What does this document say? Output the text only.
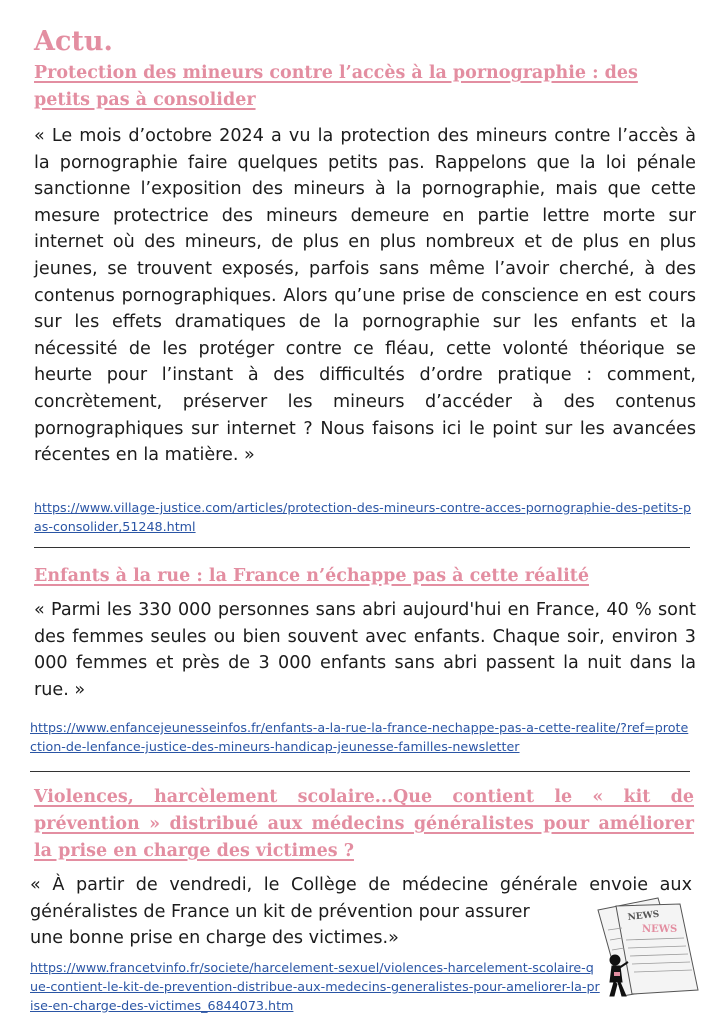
Actu.
Protection des mineurs contre l’accès à la pornographie : des petits pas à consolider

« Le mois d’octobre 2024 a vu la protection des mineurs contre l’accès à la pornographie faire quelques petits pas. Rappelons que la loi pénale sanctionne l’exposition des mineurs à la pornographie, mais que cette mesure protectrice des mineurs demeure en partie lettre morte sur internet où des mineurs, de plus en plus nombreux et de plus en plus jeunes, se trouvent exposés, parfois sans même l’avoir cherché, à des contenus pornographiques. Alors qu’une prise de conscience en est cours sur les effets dramatiques de la pornographie sur les enfants et la nécessité de les protéger contre ce fléau, cette volonté théorique se heurte pour l’instant à des difficultés d’ordre pratique : comment, concrètement, préserver les mineurs d’accéder à des contenus pornographiques sur internet ? Nous faisons ici le point sur les avancées récentes en la matière. »

https://www.village-justice.com/articles/protection-des-mineurs-contre-acces-pornographie-des-petits-pas-consolider,51248.html
Enfants à la rue : la France n’échappe pas à cette réalité

« Parmi les 330 000 personnes sans abri aujourd'hui en France, 40 % sont des femmes seules ou bien souvent avec enfants. Chaque soir, environ 3 000 femmes et près de 3 000 enfants sans abri passent la nuit dans la rue. »

https://www.enfancejeunesseinfos.fr/enfants-a-la-rue-la-france-nechappe-pas-a-cette-realite/?ref=protection-de-lenfance-justice-des-mineurs-handicap-jeunesse-familles-newsletter
Violences, harcèlement scolaire...Que contient le « kit de prévention » distribué aux médecins généralistes pour améliorer la prise en charge des victimes ?

« À partir de vendredi, le Collège de médecine générale envoie aux généralistes de France un kit de prévention pour assurer

une bonne prise en charge des victimes.»

https://www.francetvinfo.fr/societe/harcelement-sexuel/violences-harcelement-scolaire-que-contient-le-kit-de-prevention-distribue-aux-medecins-generalistes-pour-ameliorer-la-prise-en-charge-des-victimes_6844073.htm
NEWS
NEWS
